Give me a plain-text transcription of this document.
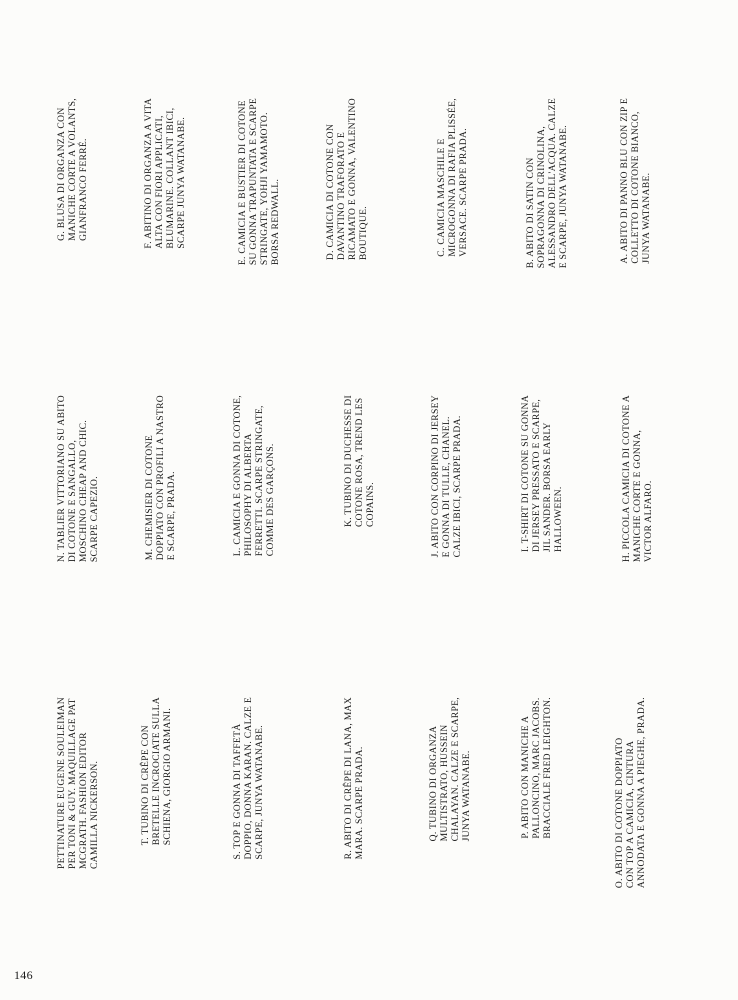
A. ABITO DI PANNO BLU CON ZIP E
COLLETTO DI COTONE BIANCO,
JUNYA WATANABE.

B. ABITO DI SATIN CON
SOPRAGONNA DI CRINOLINA,
ALESSANDRO DELL'ACQUA. CALZE
E SCARPE, JUNYA WATANABE.

C. CAMICIA MASCHILE E
MICROGONNA DI RAFIA PLISSÉE,
VERSACE. SCARPE PRADA.

D. CAMICIA DI COTONE CON
DAVANTINO TRAFORATO E
RICAMATO E GONNA, VALENTINO
BOUTIQUE.

E. CAMICIA E BUSTIER DI COTONE
SU GONNA TRAPUNTATA E SCARPE
STRINGATE, YOHJI YAMAMOTO.
BORSA REDWALL.

F. ABITINO DI ORGANZA A VITA
ALTA CON FIORI APPLICATI,
BLUMARINE. COLLANT IBICI,
SCARPE JUNYA WATANABE.

G. BLUSA DI ORGANZA CON
MANICHE CORTE A VOLANTS,
GIANFRANCO FERRÉ.

H. PICCOLA CAMICIA DI COTONE A
MANICHE CORTE E GONNA,
VICTOR ALFARO.

I. T-SHIRT DI COTONE SU GONNA
DI JERSEY PRESSATO E SCARPE,
JIL SANDER. BORSA EARLY
HALLOWEEN.

J. ABITO CON CORPINO DI JERSEY
E GONNA DI TULLE, CHANEL.
CALZE IBICI, SCARPE PRADA.

K. TUBINO DI DUCHESSE DI
COTONE ROSA, TREND LES
COPAINS.

L. CAMICIA E GONNA DI COTONE,
PHILOSOPHY DI ALBERTA
FERRETTI. SCARPE STRINGATE,
COMME DES GARÇONS.

M. CHEMISIER DI COTONE
DOPPIATO CON PROFILI A NASTRO
E SCARPE, PRADA.

N. TABLIER VITTORIANO SU ABITO
DI COTONE E SANGALLO,
MOSCHINO CHEAP AND CHIC.
SCARPE CAPEZIO.

O. ABITO DI COTONE DOPPIATO
CON TOP A CAMICIA, CINTURA
ANNODATA E GONNA A PIEGHE, PRADA.

P. ABITO CON MANICHE A
PALLONCINO, MARC JACOBS.
BRACCIALE FRED LEIGHTON.

Q. TUBINO DI ORGANZA
MULTISTRATO, HUSSEIN
CHALAYAN. CALZE E SCARPE,
JUNYA WATANABE.

R. ABITO DI CRÊPE DI LANA, MAX
MARA. SCARPE PRADA.

S. TOP E GONNA DI TAFFETÀ
DOPPIO, DONNA KARAN. CALZE E
SCARPE, JUNYA WATANABE.

T. TUBINO DI CRÊPE CON
BRETELLE INCROCIATE SULLA
SCHIENA, GIORGIO ARMANI.

PETTINATURE EUGENE SOULEIMAN
PER TONI & GUY. MAQUILLAGE PAT
MCGRATH. FASHION EDITOR
CAMILLA NICKERSON.

146
